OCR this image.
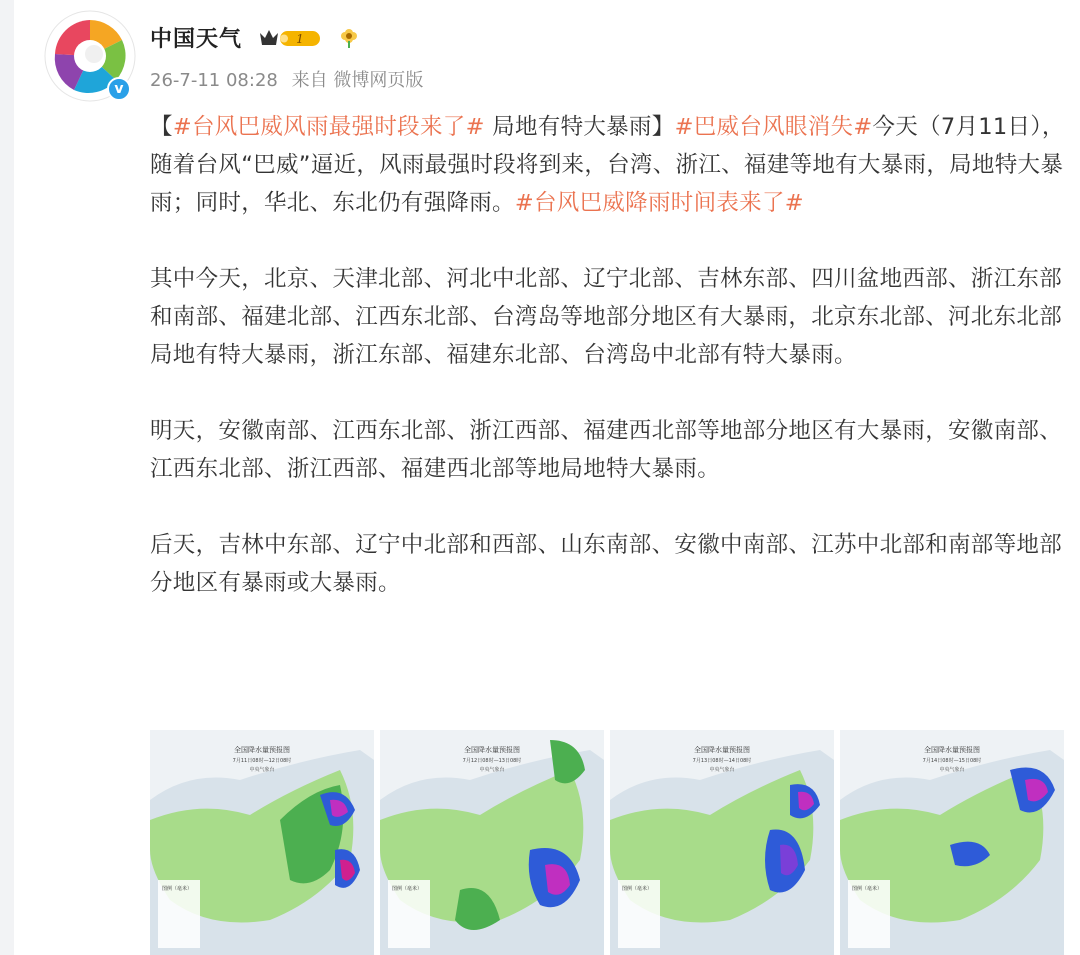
v
中国天气	1
26-7-11 08:28 来自 微博网页版

【#台风巴威风雨最强时段来了# 局地有特大暴雨】#巴威台风眼消失#今天（7月11日），随着台风“巴威”逼近，风雨最强时段将到来，台湾、浙江、福建等地有大暴雨，局地特大暴雨；同时，华北、东北仍有强降雨。#台风巴威降雨时间表来了#

其中今天，北京、天津北部、河北中北部、辽宁北部、吉林东部、四川盆地西部、浙江东部和南部、福建北部、江西东北部、台湾岛等地部分地区有大暴雨，北京东北部、河北东北部局地有特大暴雨，浙江东部、福建东北部、台湾岛中北部有特大暴雨。

明天，安徽南部、江西东北部、浙江西部、福建西北部等地部分地区有大暴雨，安徽南部、江西东北部、浙江西部、福建西北部等地局地特大暴雨。

后天，吉林中东部、辽宁中北部和西部、山东南部、安徽中南部、江苏中北部和南部等地部分地区有暴雨或大暴雨。

全国降水量预报图
7月11日08时—12日08时
中央气象台
图例（毫米）
全国降水量预报图
7月12日08时—13日08时
中央气象台
图例（毫米）
全国降水量预报图
7月13日08时—14日08时
中央气象台
图例（毫米）
全国降水量预报图
7月14日08时—15日08时
中央气象台
图例（毫米）
